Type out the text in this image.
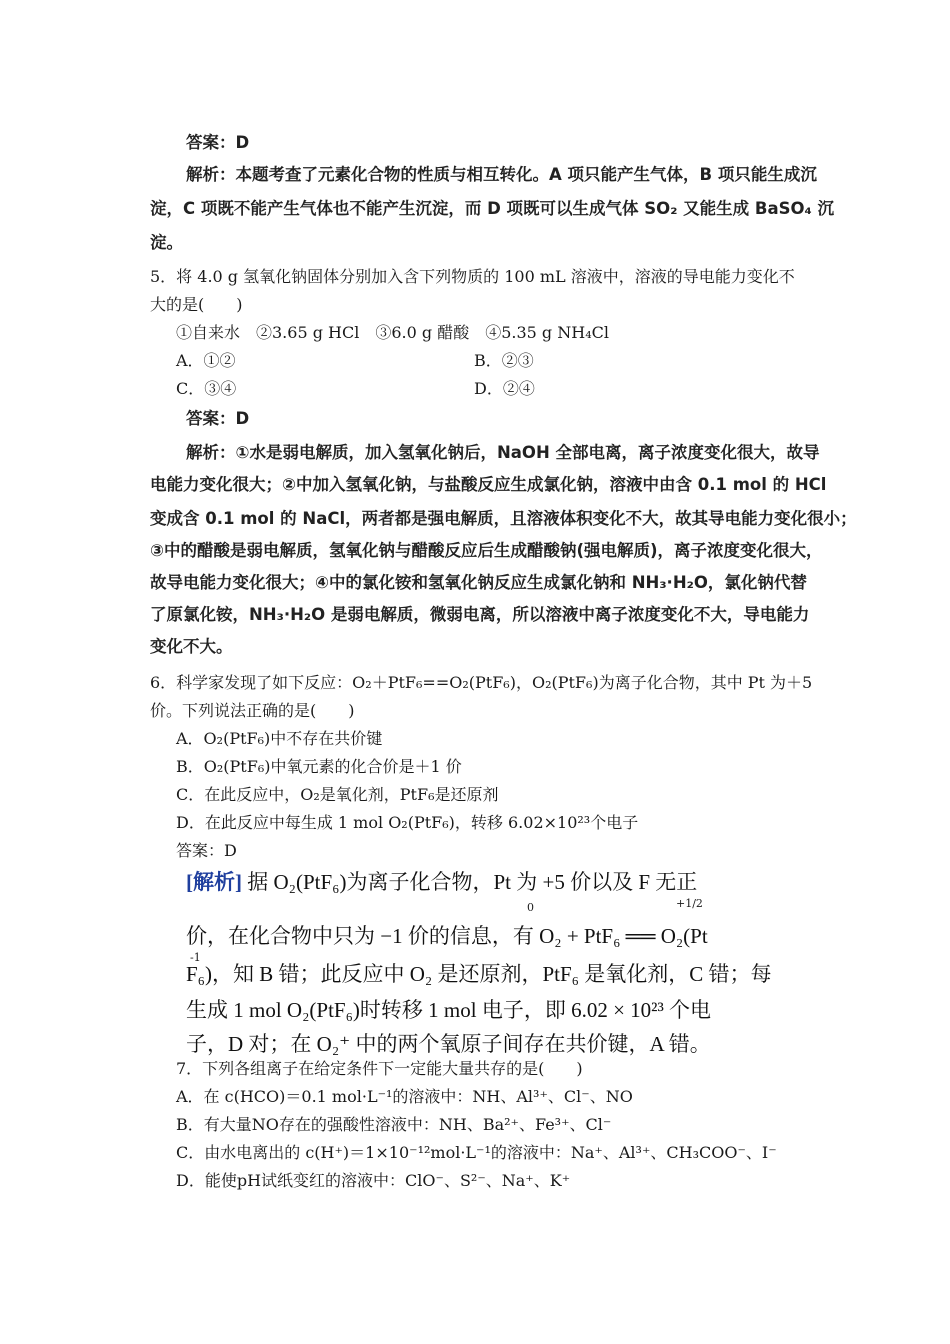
答案：D
解析：本题考查了元素化合物的性质与相互转化。A 项只能产生气体，B 项只能生成沉
淀，C 项既不能产生气体也不能产生沉淀，而 D 项既可以生成气体 SO₂ 又能生成 BaSO₄ 沉
淀。
5．将 4.0 g 氢氧化钠固体分别加入含下列物质的 100 mL 溶液中，溶液的导电能力变化不
大的是(　　)
①自来水　②3.65 g HCl　③6.0 g 醋酸　④5.35 g NH₄Cl
A．①②	B．②③
C．③④	D．②④
答案：D
解析：①水是弱电解质，加入氢氧化钠后，NaOH 全部电离，离子浓度变化很大，故导
电能力变化很大；②中加入氢氧化钠，与盐酸反应生成氯化钠，溶液中由含 0.1 mol 的 HCl
变成含 0.1 mol 的 NaCl，两者都是强电解质，且溶液体积变化不大，故其导电能力变化很小；
③中的醋酸是弱电解质，氢氧化钠与醋酸反应后生成醋酸钠(强电解质)，离子浓度变化很大，
故导电能力变化很大；④中的氯化铵和氢氧化钠反应生成氯化钠和 NH₃·H₂O，氯化钠代替
了原氯化铵，NH₃·H₂O 是弱电解质，微弱电离，所以溶液中离子浓度变化不大，导电能力
变化不大。
6．科学家发现了如下反应：O₂＋PtF₆==O₂(PtF₆)，O₂(PtF₆)为离子化合物，其中 Pt 为＋5
价。下列说法正确的是(　　)
A．O₂(PtF₆)中不存在共价键
B．O₂(PtF₆)中氧元素的化合价是＋1 价
C．在此反应中，O₂是氧化剂，PtF₆是还原剂
D．在此反应中每生成 1 mol O₂(PtF₆)，转移 6.02×10²³个电子
答案：D
[解析] 据 O₂(PtF₆)为离子化合物，Pt 为 +5 价以及 F 无正
价，在化合物中只为 −1 价的信息，有 O₂ + PtF₆ ══ O₂(Pt
F₆)，知 B 错；此反应中 O₂ 是还原剂，PtF₆ 是氧化剂，C 错；每
生成 1 mol O₂(PtF₆)时转移 1 mol 电子，即 6.02 × 10²³ 个电
子，D 对；在 O₂⁺ 中的两个氧原子间存在共价键，A 错。
0	+1/2
-1
7．下列各组离子在给定条件下一定能大量共存的是(　　)
A．在 c(HCO)＝0.1 mol·L⁻¹的溶液中：NH、Al³⁺、Cl⁻、NO
B．有大量NO存在的强酸性溶液中：NH、Ba²⁺、Fe³⁺、Cl⁻
C．由水电离出的 c(H⁺)＝1×10⁻¹²mol·L⁻¹的溶液中：Na⁺、Al³⁺、CH₃COO⁻、I⁻
D．能使pH试纸变红的溶液中：ClO⁻、S²⁻、Na⁺、K⁺
